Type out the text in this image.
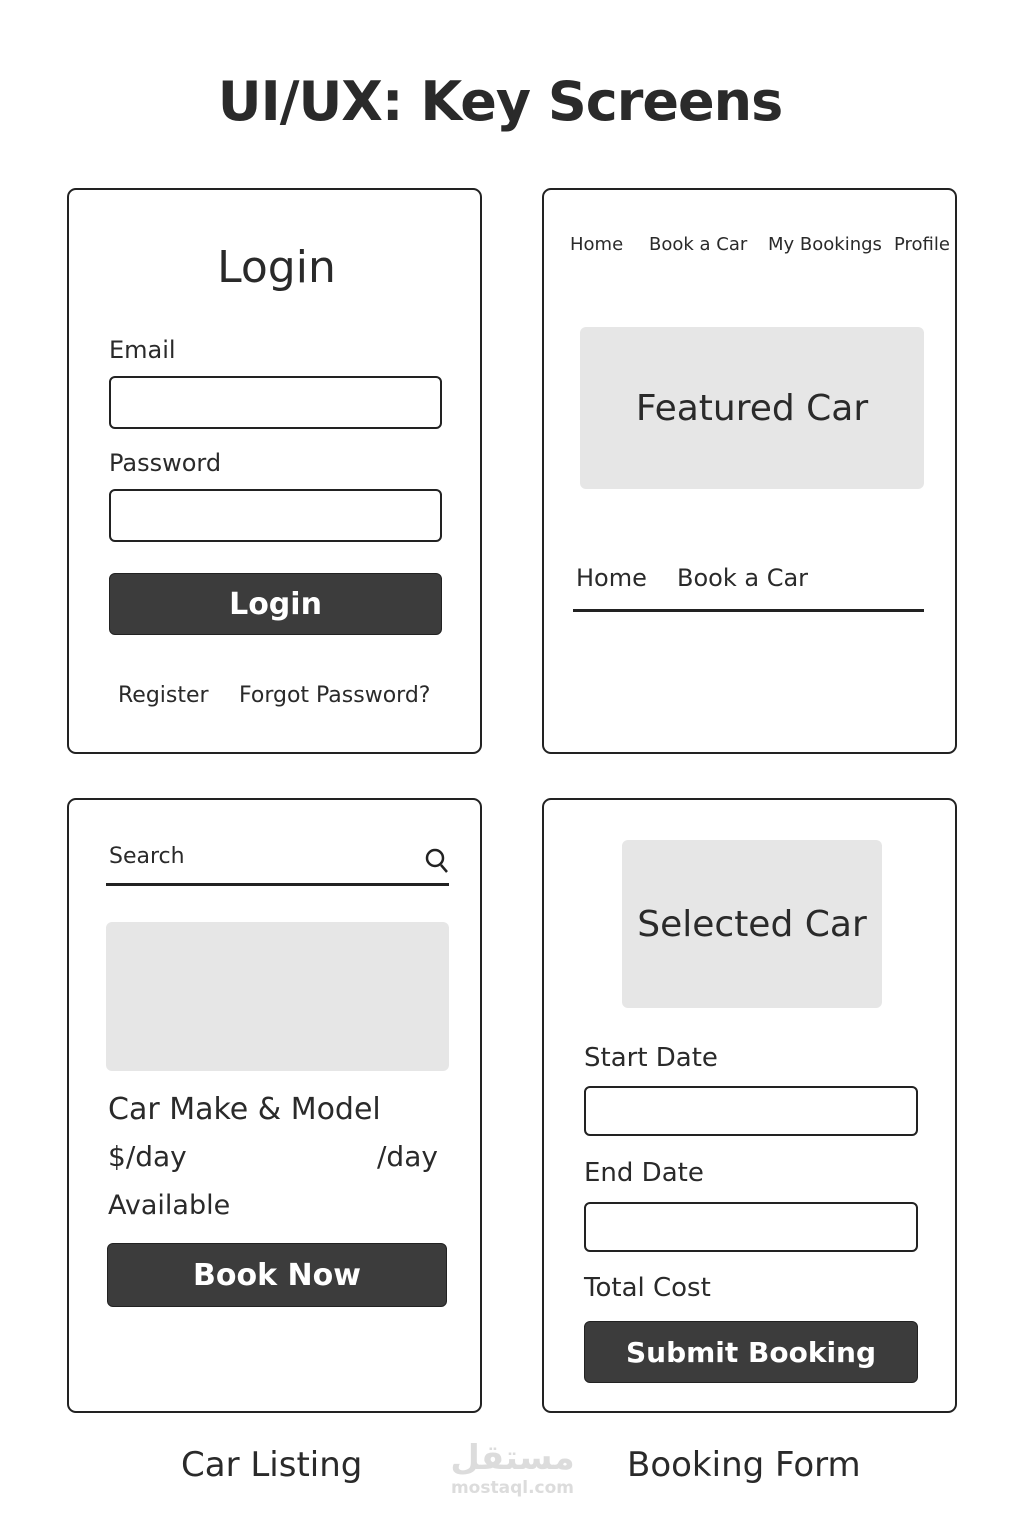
UI/UX: Key Screens
Login
Email
Password
Login
Register Forgot Password?
Home Book a Car My Bookings Profile
Featured Car
Home Book a Car
Search
Car Make & Model
$/day	/day
Available
Book Now
Selected Car
Start Date
End Date
Total Cost
Submit Booking
Car Listing	Booking Form
مستقل
mostaql.com
